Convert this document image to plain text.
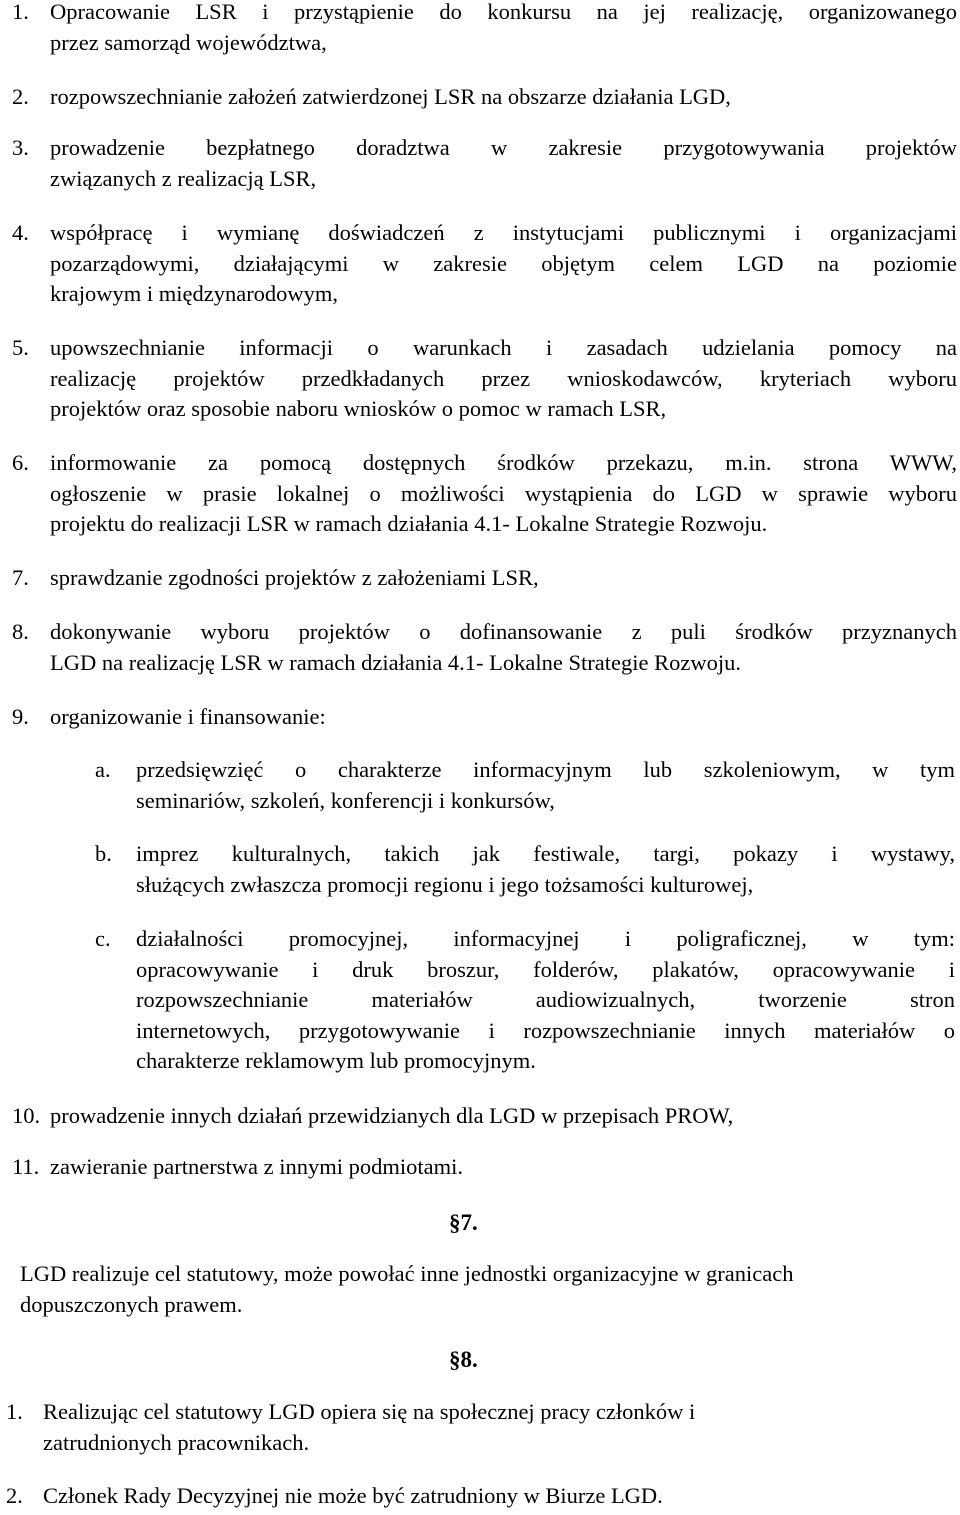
1. Opracowanie LSR i przystąpienie do konkursu na jej realizację, organizowanego
przez samorząd województwa,
2. rozpowszechnianie założeń zatwierdzonej LSR na obszarze działania LGD,
3. prowadzenie bezpłatnego doradztwa w zakresie przygotowywania projektów
związanych z realizacją LSR,
4. współpracę i wymianę doświadczeń z instytucjami publicznymi i organizacjami
pozarządowymi, działającymi w zakresie objętym celem LGD na poziomie
krajowym i międzynarodowym,
5. upowszechnianie informacji o warunkach i zasadach udzielania pomocy na
realizację projektów przedkładanych przez wnioskodawców, kryteriach wyboru
projektów oraz sposobie naboru wniosków o pomoc w ramach LSR,
6. informowanie za pomocą dostępnych środków przekazu, m.in. strona WWW,
ogłoszenie w prasie lokalnej o możliwości wystąpienia do LGD w sprawie wyboru
projektu do realizacji LSR w ramach działania 4.1- Lokalne Strategie Rozwoju.
7. sprawdzanie zgodności projektów z założeniami LSR,
8. dokonywanie wyboru projektów o dofinansowanie z puli środków przyznanych
LGD na realizację LSR w ramach działania 4.1- Lokalne Strategie Rozwoju.
9. organizowanie i finansowanie:
a. przedsięwzięć o charakterze informacyjnym lub szkoleniowym, w tym
seminariów, szkoleń, konferencji i konkursów,
b. imprez kulturalnych, takich jak festiwale, targi, pokazy i wystawy,
służących zwłaszcza promocji regionu i jego tożsamości kulturowej,
c. działalności promocyjnej, informacyjnej i poligraficznej, w tym:
opracowywanie i druk broszur, folderów, plakatów, opracowywanie i
rozpowszechnianie materiałów audiowizualnych, tworzenie stron
internetowych, przygotowywanie i rozpowszechnianie innych materiałów o
charakterze reklamowym lub promocyjnym.
10. prowadzenie innych działań przewidzianych dla LGD w przepisach PROW,
11. zawieranie partnerstwa z innymi podmiotami.
§7.
LGD realizuje cel statutowy, może powołać inne jednostki organizacyjne w granicach
dopuszczonych prawem.
§8.
1. Realizując cel statutowy LGD opiera się na społecznej pracy członków i
zatrudnionych pracownikach.
2. Członek Rady Decyzyjnej nie może być zatrudniony w Biurze LGD.
